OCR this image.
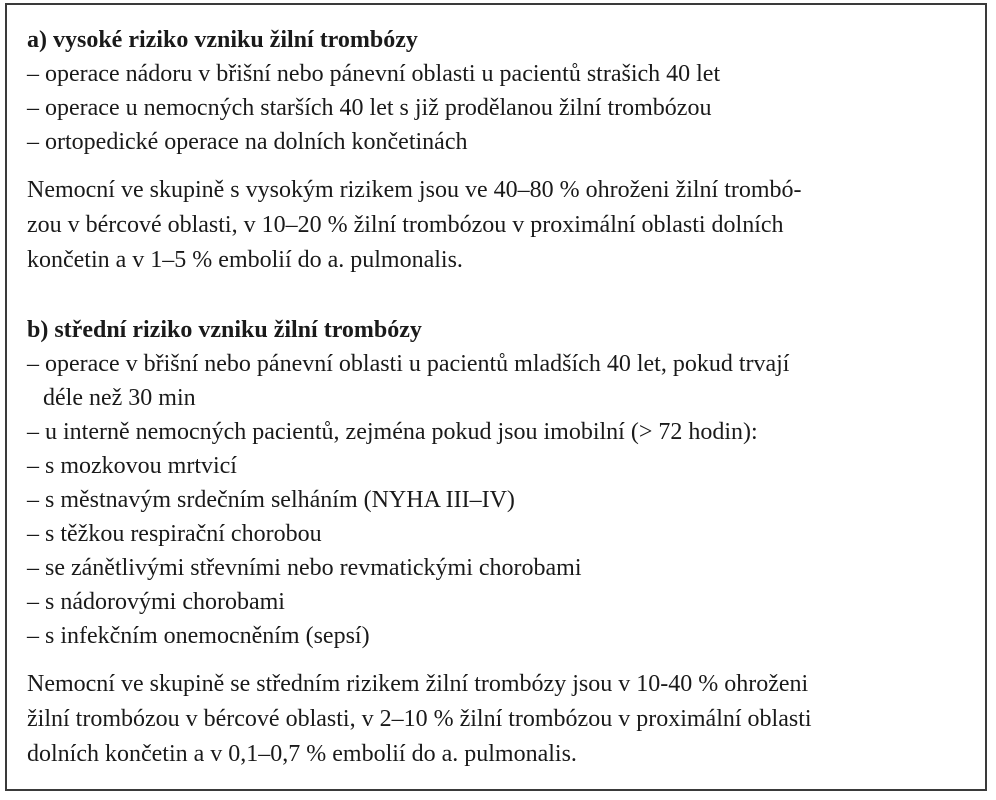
a) vysoké riziko vzniku žilní trombózy
– operace nádoru v břišní nebo pánevní oblasti u pacientů strašich 40 let
– operace u nemocných starších 40 let s již prodělanou žilní trombózou
– ortopedické operace na dolních končetinách
Nemocní ve skupině s vysokým rizikem jsou ve 40–80 % ohroženi žilní trombó-
zou v bércové oblasti, v 10–20 % žilní trombózou v proximální oblasti dolních
končetin a v 1–5 % embolií do a. pulmonalis.
b) střední riziko vzniku žilní trombózy
– operace v břišní nebo pánevní oblasti u pacientů mladších 40 let, pokud trvají
déle než 30 min
– u interně nemocných pacientů, zejména pokud jsou imobilní (> 72 hodin):
– s mozkovou mrtvicí
– s městnavým srdečním selháním (NYHA III–IV)
– s těžkou respirační chorobou
– se zánětlivými střevními nebo revmatickými chorobami
– s nádorovými chorobami
– s infekčním onemocněním (sepsí)
Nemocní ve skupině se středním rizikem žilní trombózy jsou v 10-40 % ohroženi
žilní trombózou v bércové oblasti, v 2–10 % žilní trombózou v proximální oblasti
dolních končetin a v 0,1–0,7 % embolií do a. pulmonalis.
